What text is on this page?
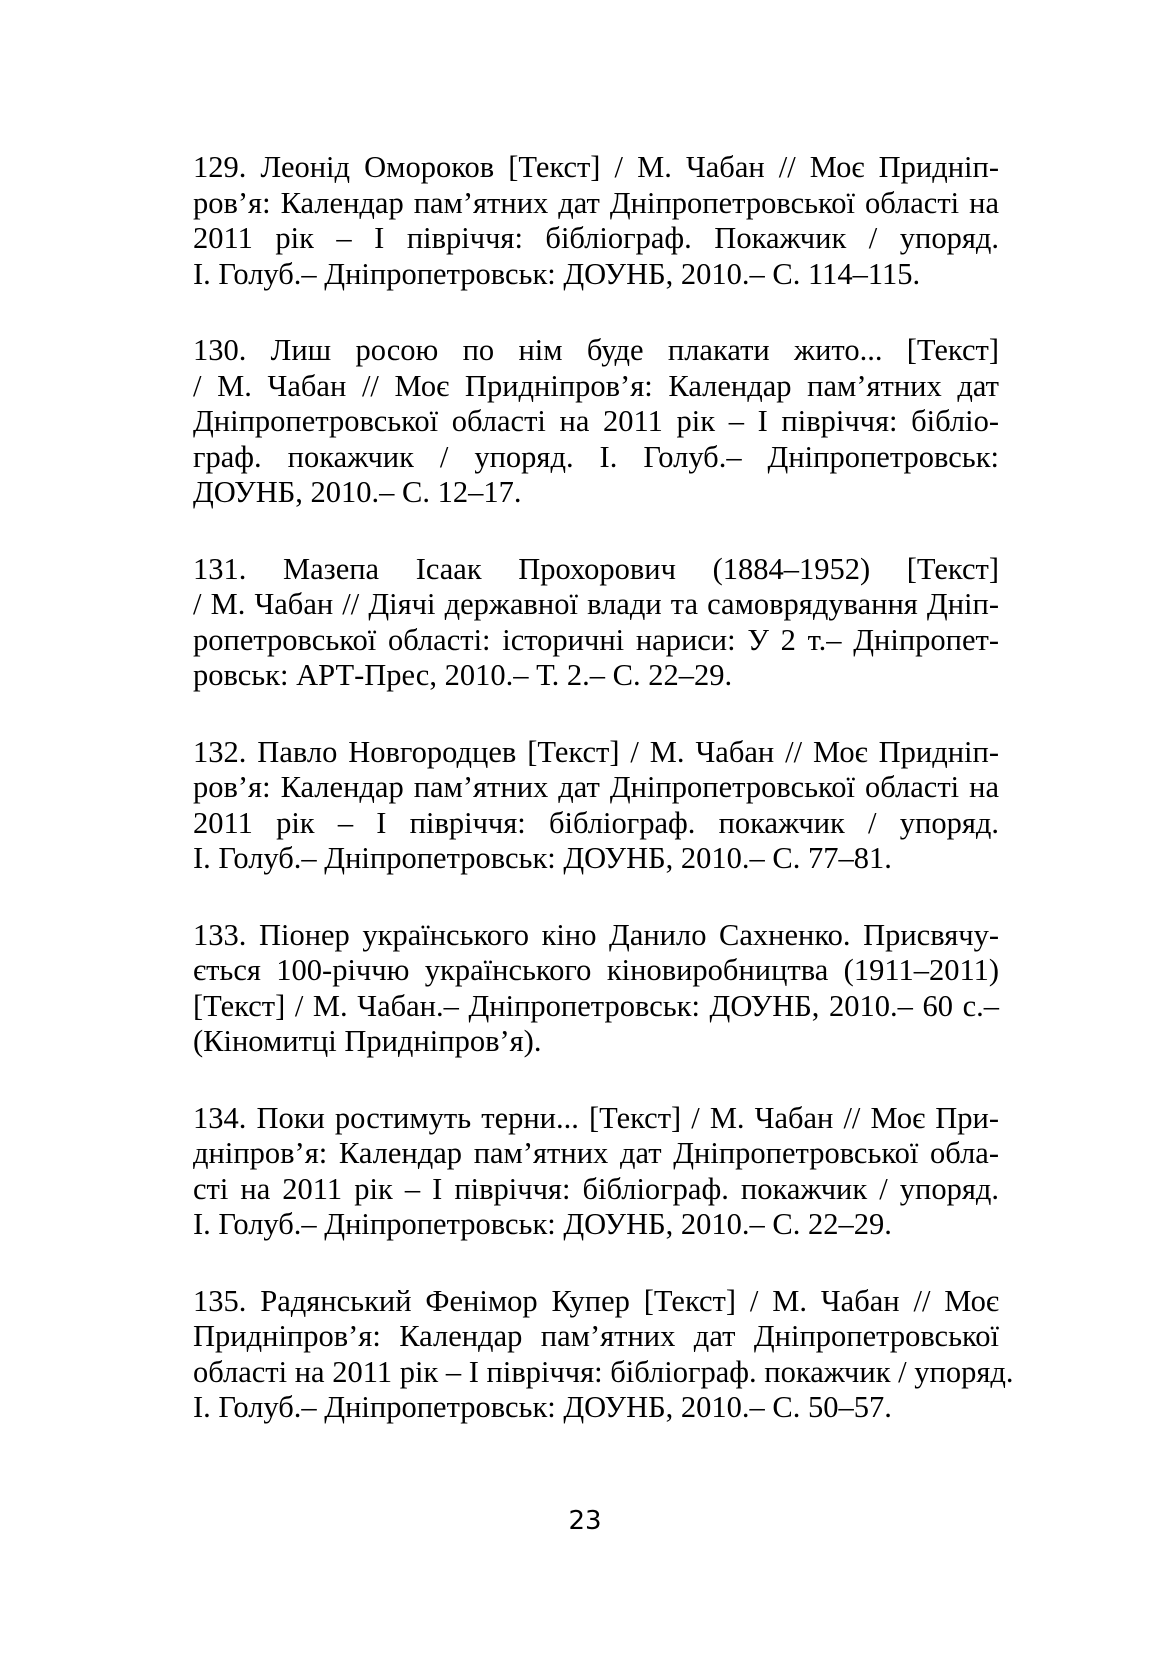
129. Леонід Омороков [Текст] / М. Чабан // Моє Придніп-
ров’я: Календар пам’ятних дат Дніпропетровської області на
2011 рік – І півріччя: бібліограф. Покажчик / упоряд.
І. Голуб.– Дніпропетровськ: ДОУНБ, 2010.– С. 114–115.
130. Лиш росою по нім буде плакати жито... [Текст]
/ М. Чабан // Моє Придніпров’я: Календар пам’ятних дат
Дніпропетровської області на 2011 рік – І півріччя: бібліо-
граф. покажчик / упоряд. І. Голуб.– Дніпропетровськ:
ДОУНБ, 2010.– С. 12–17.
131. Мазепа Ісаак Прохорович (1884–1952) [Текст]
/ М. Чабан // Діячі державної влади та самоврядування Дніп-
ропетровської області: історичні нариси: У 2 т.– Дніпропет-
ровськ: АРТ-Прес, 2010.– Т. 2.– С. 22–29.
132. Павло Новгородцев [Текст] / М. Чабан // Моє Придніп-
ров’я: Календар пам’ятних дат Дніпропетровської області на
2011 рік – І півріччя: бібліограф. покажчик / упоряд.
І. Голуб.– Дніпропетровськ: ДОУНБ, 2010.– С. 77–81.
133. Піонер українського кіно Данило Сахненко. Присвячу-
ється 100-річчю українського кіновиробництва (1911–2011)
[Текст] / М. Чабан.– Дніпропетровськ: ДОУНБ, 2010.– 60 с.–
(Кіномитці Придніпров’я).
134. Поки ростимуть терни... [Текст] / М. Чабан // Моє При-
дніпров’я: Календар пам’ятних дат Дніпропетровської обла-
сті на 2011 рік – І півріччя: бібліограф. покажчик / упоряд.
І. Голуб.– Дніпропетровськ: ДОУНБ, 2010.– С. 22–29.
135. Радянський Фенімор Купер [Текст] / М. Чабан // Моє
Придніпров’я: Календар пам’ятних дат Дніпропетровської
області на 2011 рік – І півріччя: бібліограф. покажчик / упоряд.
І. Голуб.– Дніпропетровськ: ДОУНБ, 2010.– С. 50–57.
23
